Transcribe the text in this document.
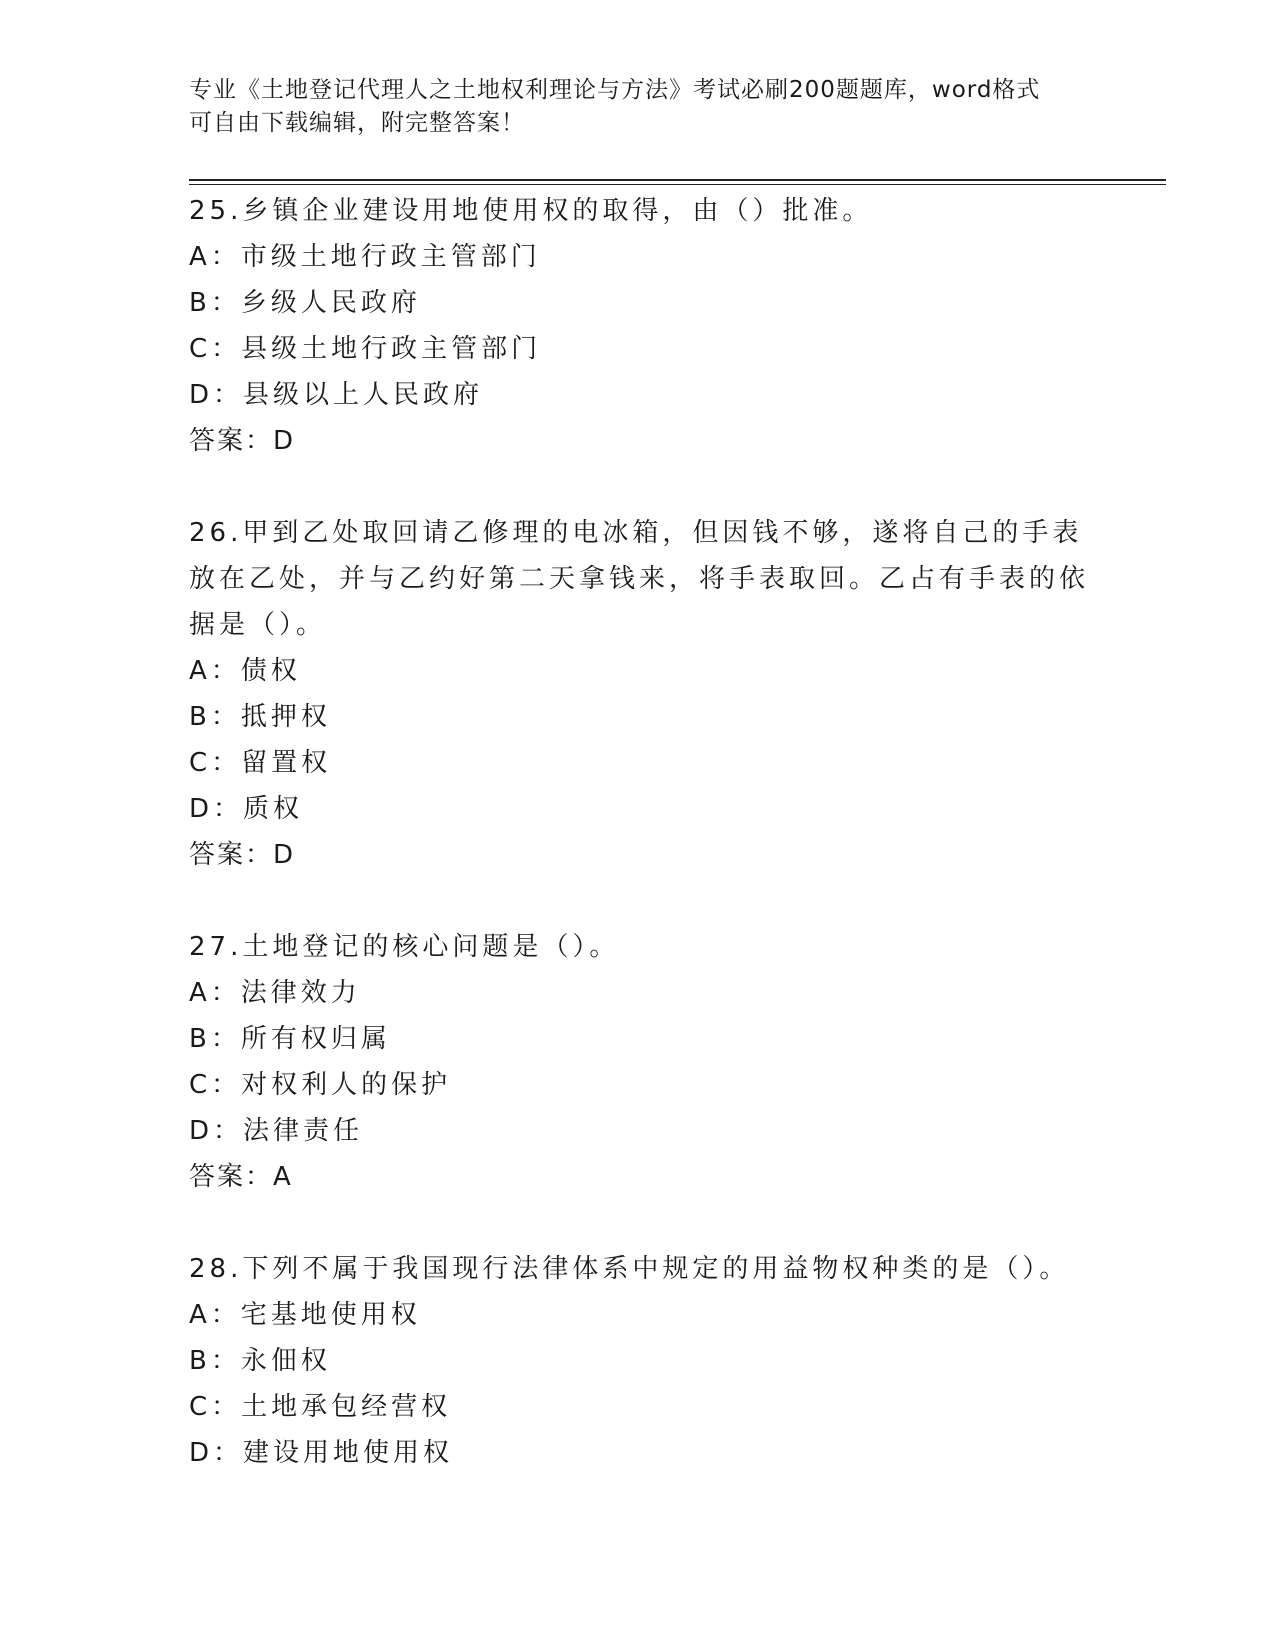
专业《土地登记代理人之土地权利理论与方法》考试必刷200题题库，word格式
可自由下载编辑，附完整答案！
25.乡镇企业建设用地使用权的取得，由（）批准。
A：市级土地行政主管部门
B：乡级人民政府
C：县级土地行政主管部门
D：县级以上人民政府
答案：D
26.甲到乙处取回请乙修理的电冰箱，但因钱不够，遂将自己的手表放在乙处，并与乙约好第二天拿钱来，将手表取回。乙占有手表的依据是（）。
A：债权
B：抵押权
C：留置权
D：质权
答案：D
27.土地登记的核心问题是（）。
A：法律效力
B：所有权归属
C：对权利人的保护
D：法律责任
答案：A
28.下列不属于我国现行法律体系中规定的用益物权种类的是（）。
A：宅基地使用权
B：永佃权
C：土地承包经营权
D：建设用地使用权
